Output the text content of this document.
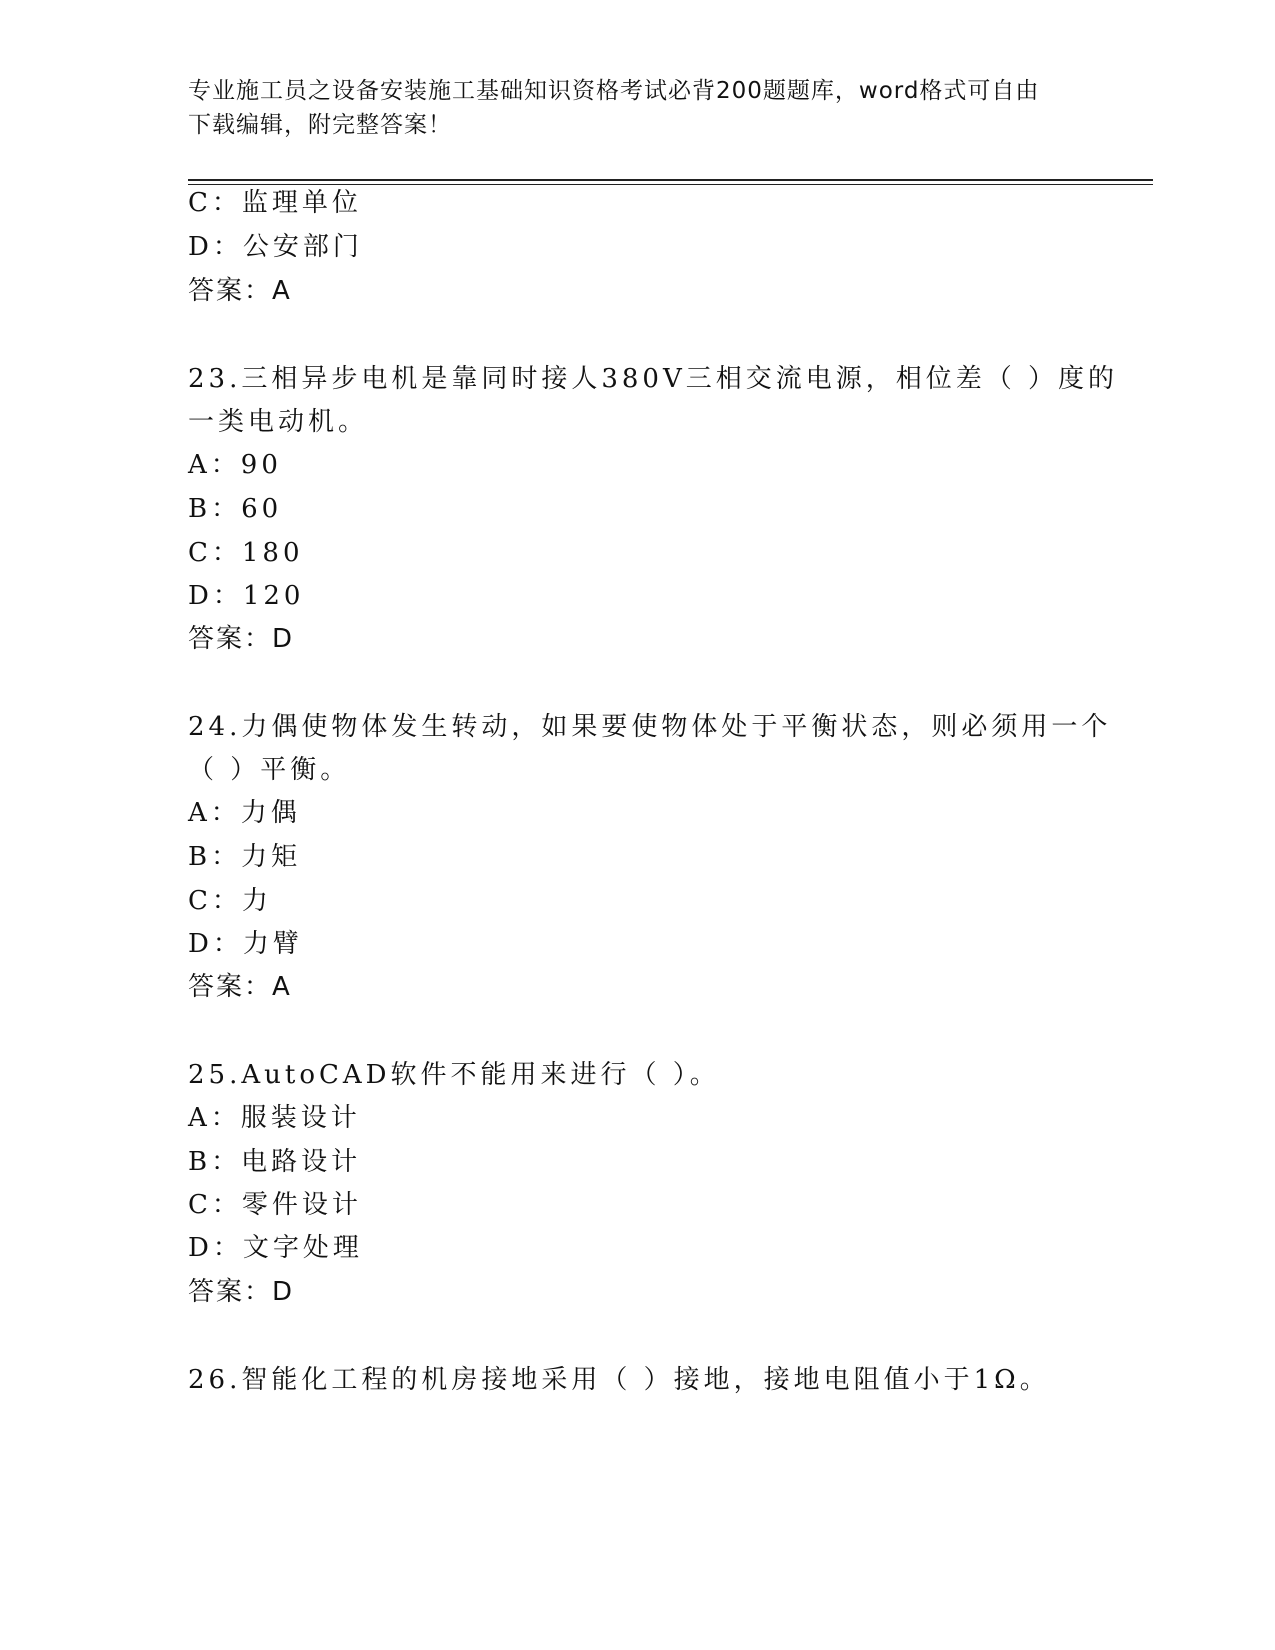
专业施工员之设备安装施工基础知识资格考试必背200题题库，word格式可自由
下载编辑，附完整答案！
C：监理单位
D：公安部门
答案：A
23.三相异步电机是靠同时接人380V三相交流电源，相位差（ ）度的
一类电动机。
A：90
B：60
C：180
D：120
答案：D
24.力偶使物体发生转动，如果要使物体处于平衡状态，则必须用一个
（ ）平衡。
A：力偶
B：力矩
C：力
D：力臂
答案：A
25.AutoCAD软件不能用来进行（ ）。
A：服装设计
B：电路设计
C：零件设计
D：文字处理
答案：D
26.智能化工程的机房接地采用（ ）接地，接地电阻值小于1Ω。
